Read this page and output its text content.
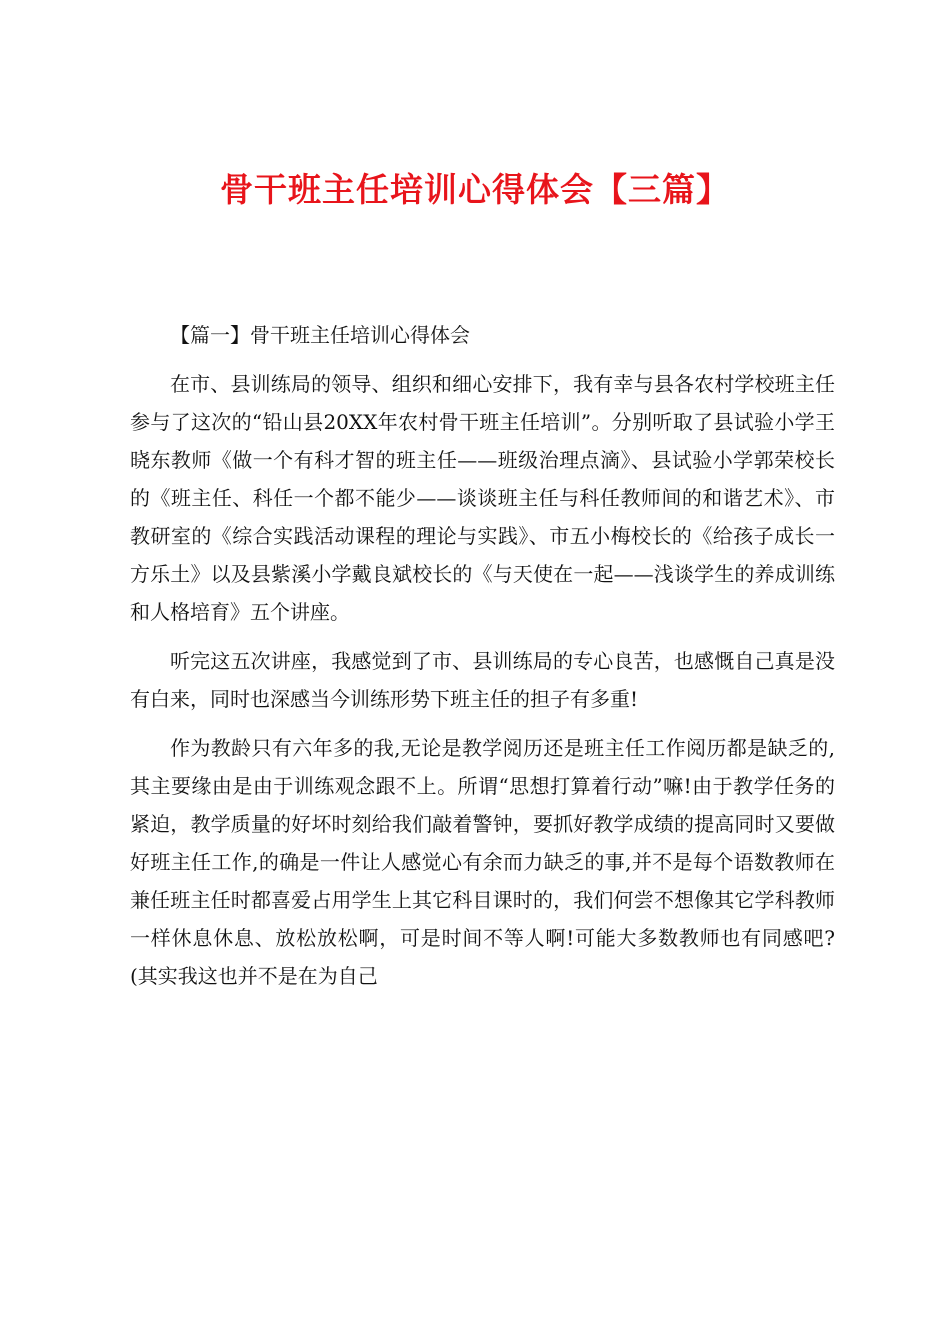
骨干班主任培训心得体会【三篇】

【篇一】骨干班主任培训心得体会

在市、县训练局的领导、组织和细心安排下，我有幸与县各农村学校班主任参与了这次的“铅山县20XX年农村骨干班主任培训”。分别听取了县试验小学王晓东教师《做一个有科才智的班主任——班级治理点滴》、县试验小学郭荣校长的《班主任、科任一个都不能少——谈谈班主任与科任教师间的和谐艺术》、市教研室的《综合实践活动课程的理论与实践》、市五小梅校长的《给孩子成长一方乐土》以及县紫溪小学戴良斌校长的《与天使在一起——浅谈学生的养成训练和人格培育》五个讲座。

听完这五次讲座，我感觉到了市、县训练局的专心良苦，也感慨自己真是没有白来，同时也深感当今训练形势下班主任的担子有多重!

作为教龄只有六年多的我,无论是教学阅历还是班主任工作阅历都是缺乏的,其主要缘由是由于训练观念跟不上。所谓“思想打算着行动”嘛!由于教学任务的紧迫，教学质量的好坏时刻给我们敲着警钟，要抓好教学成绩的提高同时又要做好班主任工作,的确是一件让人感觉心有余而力缺乏的事,并不是每个语数教师在兼任班主任时都喜爱占用学生上其它科目课时的，我们何尝不想像其它学科教师一样休息休息、放松放松啊，可是时间不等人啊!可能大多数教师也有同感吧?(其实我这也并不是在为自己
